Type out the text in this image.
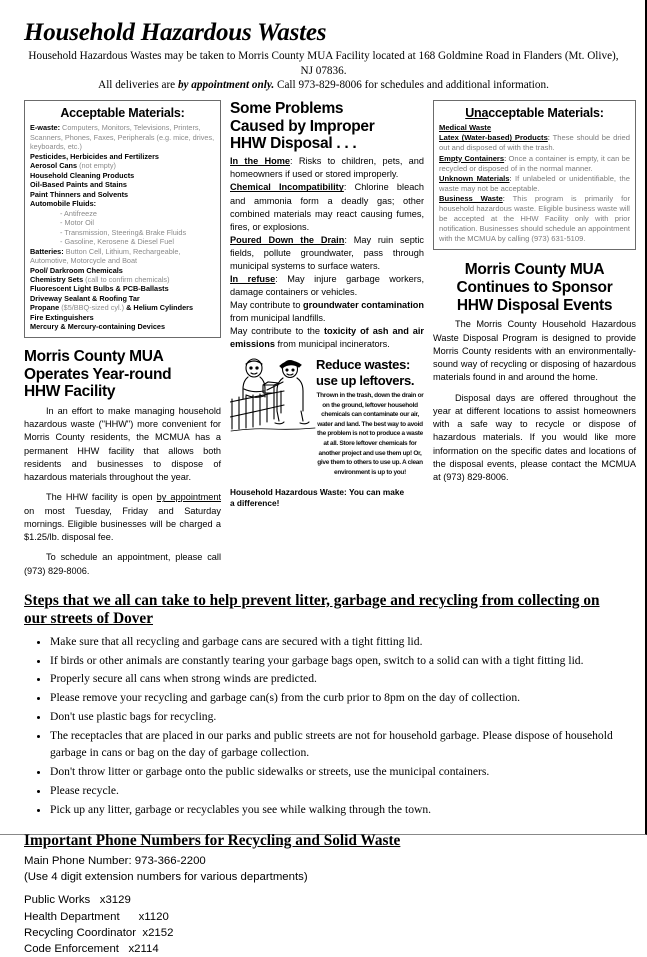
Household Hazardous Wastes
Household Hazardous Wastes may be taken to Morris County MUA Facility located at 168 Goldmine Road in Flanders (Mt. Olive), NJ 07836.
All deliveries are by appointment only. Call 973-829-8006 for schedules and additional information.
Acceptable Materials:
E-waste: Computers, Monitors, Televisions, Printers, Scanners, Phones, Faxes, Peripherals (e.g. mice, drives, keyboards, etc.)
Pesticides, Herbicides and Fertilizers
Aerosol Cans (not empty)
Household Cleaning Products
Oil-Based Paints and Stains
Paint Thinners and Solvents
Automobile Fluids:
- Antifreeze
- Motor Oil
- Transmission, Steering& Brake Fluids
- Gasoline, Kerosene & Diesel Fuel
Batteries: Button Cell, Lithium, Rechargeable, Automotive, Motorcycle and Boat
Pool/ Darkroom Chemicals
Chemistry Sets (call to confirm chemicals)
Fluorescent Light Bulbs & PCB-Ballasts
Driveway Sealant & Roofing Tar
Propane ($5/BBQ-sized cyl.) & Helium Cylinders
Fire Extinguishers
Mercury & Mercury-containing Devices
Morris County MUA
Operates Year-round
HHW Facility

In an effort to make managing household hazardous waste ("HHW") more convenient for Morris County residents, the MCMUA has a permanent HHW facility that allows both residents and businesses to dispose of hazardous materials throughout the year.

The HHW facility is open by appointment on most Tuesday, Friday and Saturday mornings. Eligible businesses will be charged a $1.25/lb. disposal fee.

To schedule an appointment, please call (973) 829-8006.

Some Problems
Caused by Improper
HHW Disposal . . .

In the Home: Risks to children, pets, and homeowners if used or stored improperly.

Chemical Incompatibility: Chlorine bleach and ammonia form a deadly gas; other combined materials may react causing fumes, fires, or explosions.

Poured Down the Drain: May ruin septic fields, pollute groundwater, pass through municipal systems to surface waters.

In refuse: May injure garbage workers, damage containers or vehicles.

May contribute to groundwater contamination from municipal landfills.

May contribute to the toxicity of ash and air emissions from municipal incinerators.

Reduce wastes:
use up leftovers.
Thrown in the trash, down the drain or on the ground, leftover household chemicals can contaminate our air, water and land. The best way to avoid the problem is not to produce a waste at all. Store leftover chemicals for another project and use them up! Or, give them to others to use up. A clean environment is up to you!
Household Hazardous Waste: You can make
a difference!
Unacceptable Materials:

Medical Waste

Latex (Water-based) Products: These should be dried out and disposed of with the trash.

Empty Containers: Once a container is empty, it can be recycled or disposed of in the normal manner.

Unknown Materials: If unlabeled or unidentifiable, the waste may not be acceptable.

Business Waste: This program is primarily for household hazardous waste. Eligible business waste will be accepted at the HHW Facility only with prior notification. Businesses should schedule an appointment with the MCMUA by calling (973) 631-5109.

Morris County MUA
Continues to Sponsor
HHW Disposal Events

The Morris County Household Hazardous Waste Disposal Program is designed to provide Morris County residents with an environmentally-sound way of recycling or disposing of hazardous materials found in and around the home.

Disposal days are offered throughout the year at different locations to assist homeowners with a safe way to recycle or dispose of hazardous materials. If you would like more information on the specific dates and locations of the disposal events, please contact the MCMUA at (973) 829-8006.

Steps that we all can take to help prevent litter, garbage and recycling from collecting on our streets of Dover
• Make sure that all recycling and garbage cans are secured with a tight fitting lid.
• If birds or other animals are constantly tearing your garbage bags open, switch to a solid can with a tight fitting lid.
• Properly secure all cans when strong winds are predicted.
• Please remove your recycling and garbage can(s) from the curb prior to 8pm on the day of collection.
• Don't use plastic bags for recycling.
• The receptacles that are placed in our parks and public streets are not for household garbage. Please dispose of household garbage in cans or bag on the day of garbage collection.
• Don't throw litter or garbage onto the public sidewalks or streets, use the municipal containers.
• Please recycle.
• Pick up any litter, garbage or recyclables you see while walking through the town.
Important Phone Numbers for Recycling and Solid Waste
Main Phone Number: 973-366-2200
(Use 4 digit extension numbers for various departments)
Public Works   x3129
Health Department      x1120
Recycling Coordinator  x2152
Code Enforcement   x2114
